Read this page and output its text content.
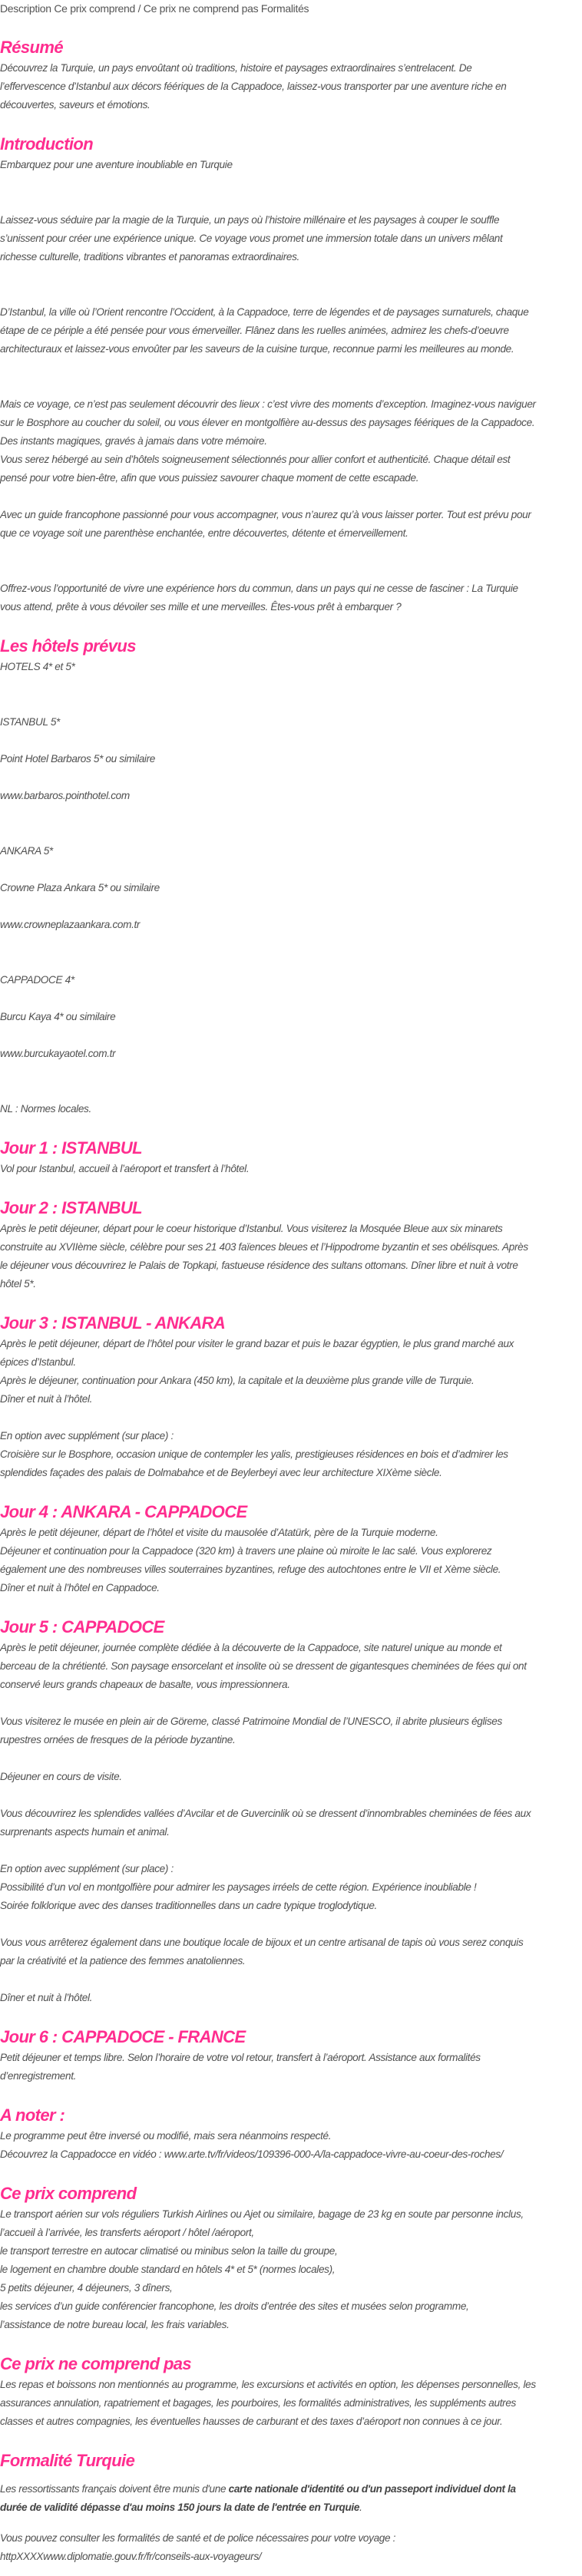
Description Ce prix comprend / Ce prix ne comprend pas Formalités
Résumé
Découvrez la Turquie, un pays envoûtant où traditions, histoire et paysages extraordinaires s’entrelacent. De
l’effervescence d’Istanbul aux décors féériques de la Cappadoce, laissez-vous transporter par une aventure riche en
découvertes, saveurs et émotions.
Introduction
Embarquez pour une aventure inoubliable en Turquie
Laissez-vous séduire par la magie de la Turquie, un pays où l’histoire millénaire et les paysages à couper le souffle
s’unissent pour créer une expérience unique. Ce voyage vous promet une immersion totale dans un univers mêlant
richesse culturelle, traditions vibrantes et panoramas extraordinaires.
D’Istanbul, la ville où l’Orient rencontre l’Occident, à la Cappadoce, terre de légendes et de paysages surnaturels, chaque
étape de ce périple a été pensée pour vous émerveiller. Flânez dans les ruelles animées, admirez les chefs-d’oeuvre
architecturaux et laissez-vous envoûter par les saveurs de la cuisine turque, reconnue parmi les meilleures au monde.
Mais ce voyage, ce n’est pas seulement découvrir des lieux : c’est vivre des moments d’exception. Imaginez-vous naviguer
sur le Bosphore au coucher du soleil, ou vous élever en montgolfière au-dessus des paysages féériques de la Cappadoce.
Des instants magiques, gravés à jamais dans votre mémoire.
Vous serez hébergé au sein d’hôtels soigneusement sélectionnés pour allier confort et authenticité. Chaque détail est
pensé pour votre bien-être, afin que vous puissiez savourer chaque moment de cette escapade.
Avec un guide francophone passionné pour vous accompagner, vous n’aurez qu’à vous laisser porter. Tout est prévu pour
que ce voyage soit une parenthèse enchantée, entre découvertes, détente et émerveillement.
Offrez-vous l’opportunité de vivre une expérience hors du commun, dans un pays qui ne cesse de fasciner : La Turquie
vous attend, prête à vous dévoiler ses mille et une merveilles. Êtes-vous prêt à embarquer ?
Les hôtels prévus
HOTELS 4* et 5*
ISTANBUL 5*
Point Hotel Barbaros 5* ou similaire
www.barbaros.pointhotel.com
ANKARA 5*
Crowne Plaza Ankara 5* ou similaire
www.crowneplazaankara.com.tr
CAPPADOCE 4*
Burcu Kaya 4* ou similaire
www.burcukayaotel.com.tr
NL : Normes locales.
Jour 1 : ISTANBUL
Vol pour Istanbul, accueil à l’aéroport et transfert à l’hôtel.
Jour 2 : ISTANBUL
Après le petit déjeuner, départ pour le coeur historique d’Istanbul. Vous visiterez la Mosquée Bleue aux six minarets
construite au XVIIème siècle, célèbre pour ses 21 403 faïences bleues et l’Hippodrome byzantin et ses obélisques. Après
le déjeuner vous découvrirez le Palais de Topkapi, fastueuse résidence des sultans ottomans. Dîner libre et nuit à votre
hôtel 5*.
Jour 3 : ISTANBUL - ANKARA
Après le petit déjeuner, départ de l’hôtel pour visiter le grand bazar et puis le bazar égyptien, le plus grand marché aux
épices d’Istanbul.
Après le déjeuner, continuation pour Ankara (450 km), la capitale et la deuxième plus grande ville de Turquie.
Dîner et nuit à l’hôtel.
En option avec supplément (sur place) :
Croisière sur le Bosphore, occasion unique de contempler les yalis, prestigieuses résidences en bois et d’admirer les
splendides façades des palais de Dolmabahce et de Beylerbeyi avec leur architecture XIXème siècle.
Jour 4 : ANKARA - CAPPADOCE
Après le petit déjeuner, départ de l’hôtel et visite du mausolée d’Atatürk, père de la Turquie moderne.
Déjeuner et continuation pour la Cappadoce (320 km) à travers une plaine où miroite le lac salé. Vous explorerez
également une des nombreuses villes souterraines byzantines, refuge des autochtones entre le VII et Xème siècle.
Dîner et nuit à l’hôtel en Cappadoce.
Jour 5 : CAPPADOCE
Après le petit déjeuner, journée complète dédiée à la découverte de la Cappadoce, site naturel unique au monde et
berceau de la chrétienté. Son paysage ensorcelant et insolite où se dressent de gigantesques cheminées de fées qui ont
conservé leurs grands chapeaux de basalte, vous impressionnera.
Vous visiterez le musée en plein air de Göreme, classé Patrimoine Mondial de l’UNESCO, il abrite plusieurs églises
rupestres ornées de fresques de la période byzantine.
Déjeuner en cours de visite.
Vous découvrirez les splendides vallées d’Avcilar et de Guvercinlik où se dressent d’innombrables cheminées de fées aux
surprenants aspects humain et animal.
En option avec supplément (sur place) :
Possibilité d’un vol en montgolfière pour admirer les paysages irréels de cette région. Expérience inoubliable !
Soirée folklorique avec des danses traditionnelles dans un cadre typique troglodytique.
Vous vous arrêterez également dans une boutique locale de bijoux et un centre artisanal de tapis où vous serez conquis
par la créativité et la patience des femmes anatoliennes.
Dîner et nuit à l’hôtel.
Jour 6 : CAPPADOCE - FRANCE
Petit déjeuner et temps libre. Selon l’horaire de votre vol retour, transfert à l’aéroport. Assistance aux formalités
d’enregistrement.
A noter :
Le programme peut être inversé ou modifié, mais sera néanmoins respecté.
Découvrez la Cappadocce en vidéo : www.arte.tv/fr/videos/109396-000-A/la-cappadoce-vivre-au-coeur-des-roches/
Ce prix comprend
Le transport aérien sur vols réguliers Turkish Airlines ou Ajet ou similaire, bagage de 23 kg en soute par personne inclus,
l’accueil à l’arrivée, les transferts aéroport / hôtel /aéroport,
le transport terrestre en autocar climatisé ou minibus selon la taille du groupe,
le logement en chambre double standard en hôtels 4* et 5* (normes locales),
5 petits déjeuner, 4 déjeuners, 3 dîners,
les services d’un guide conférencier francophone, les droits d’entrée des sites et musées selon programme,
l’assistance de notre bureau local, les frais variables.
Ce prix ne comprend pas
Les repas et boissons non mentionnés au programme, les excursions et activités en option, les dépenses personnelles, les
assurances annulation, rapatriement et bagages, les pourboires, les formalités administratives, les suppléments autres
classes et autres compagnies, les éventuelles hausses de carburant et des taxes d’aéroport non connues à ce jour.
Formalité Turquie
Les ressortissants français doivent être munis d'une carte nationale d'identité ou d'un passeport individuel dont la
durée de validité dépasse d'au moins 150 jours la date de l'entrée en Turquie.
Vous pouvez consulter les formalités de santé et de police nécessaires pour votre voyage :
httpXXXXwww.diplomatie.gouv.fr/fr/conseils-aux-voyageurs/
